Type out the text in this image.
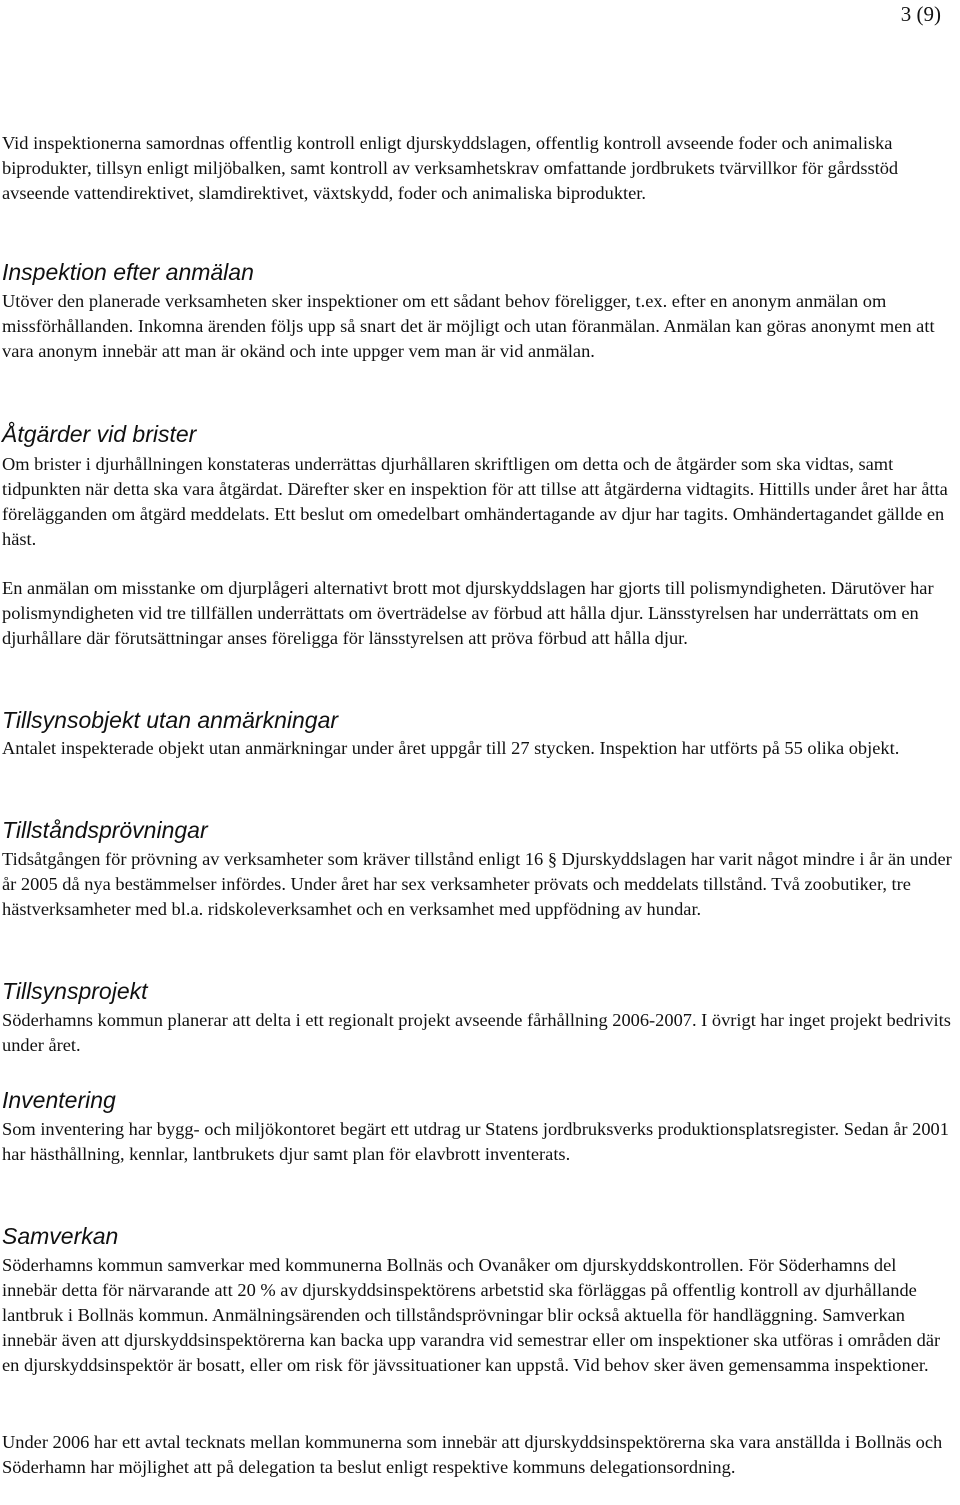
3 (9)

Vid inspektionerna samordnas offentlig kontroll enligt djurskyddslagen, offentlig kontroll avseende foder och animaliska biprodukter, tillsyn enligt miljöbalken, samt kontroll av verksamhetskrav omfattande jordbrukets tvärvillkor för gårdsstöd avseende vattendirektivet, slamdirektivet, växtskydd, foder och animaliska biprodukter.

Inspektion efter anmälan

Utöver den planerade verksamheten sker inspektioner om ett sådant behov föreligger, t.ex. efter en anonym anmälan om missförhållanden. Inkomna ärenden följs upp så snart det är möjligt och utan föranmälan. Anmälan kan göras anonymt men att vara anonym innebär att man är okänd och inte uppger vem man är vid anmälan.

Åtgärder vid brister

Om brister i djurhållningen konstateras underrättas djurhållaren skriftligen om detta och de åtgärder som ska vidtas, samt tidpunkten när detta ska vara åtgärdat. Därefter sker en inspektion för att tillse att åtgärderna vidtagits. Hittills under året har åtta förelägganden om åtgärd meddelats. Ett beslut om omedelbart omhändertagande av djur har tagits. Omhändertagandet gällde en häst.

En anmälan om misstanke om djurplågeri alternativt brott mot djurskyddslagen har gjorts till polismyndigheten. Därutöver har polismyndigheten vid tre tillfällen underrättats om överträdelse av förbud att hålla djur. Länsstyrelsen har underrättats om en djurhållare där förutsättningar anses föreligga för länsstyrelsen att pröva förbud att hålla djur.

Tillsynsobjekt utan anmärkningar

Antalet inspekterade objekt utan anmärkningar under året uppgår till 27 stycken. Inspektion har utförts på 55 olika objekt.

Tillståndsprövningar

Tidsåtgången för prövning av verksamheter som kräver tillstånd enligt 16 § Djurskyddslagen har varit något mindre i år än under år 2005 då nya bestämmelser infördes. Under året har sex verksamheter prövats och meddelats tillstånd. Två zoobutiker, tre hästverksamheter med bl.a. ridskoleverksamhet och en verksamhet med uppfödning av hundar.

Tillsynsprojekt

Söderhamns kommun planerar att delta i ett regionalt projekt avseende fårhållning 2006-2007. I övrigt har inget projekt bedrivits under året.

Inventering

Som inventering har bygg- och miljökontoret begärt ett utdrag ur Statens jordbruksverks produktionsplatsregister. Sedan år 2001 har hästhållning, kennlar, lantbrukets djur samt plan för elavbrott inventerats.

Samverkan

Söderhamns kommun samverkar med kommunerna Bollnäs och Ovanåker om djurskyddskontrollen. För Söderhamns del innebär detta för närvarande att 20 % av djurskyddsinspektörens arbetstid ska förläggas på offentlig kontroll av djurhållande lantbruk i Bollnäs kommun. Anmälningsärenden och tillståndsprövningar blir också aktuella för handläggning. Samverkan innebär även att djurskyddsinspektörerna kan backa upp varandra vid semestrar eller om inspektioner ska utföras i områden där en djurskyddsinspektör är bosatt, eller om risk för jävssituationer kan uppstå. Vid behov sker även gemensamma inspektioner.

Under 2006 har ett avtal tecknats mellan kommunerna som innebär att djurskyddsinspektörerna ska vara anställda i Bollnäs och Söderhamn har möjlighet att på delegation ta beslut enligt respektive kommuns delegationsordning.
